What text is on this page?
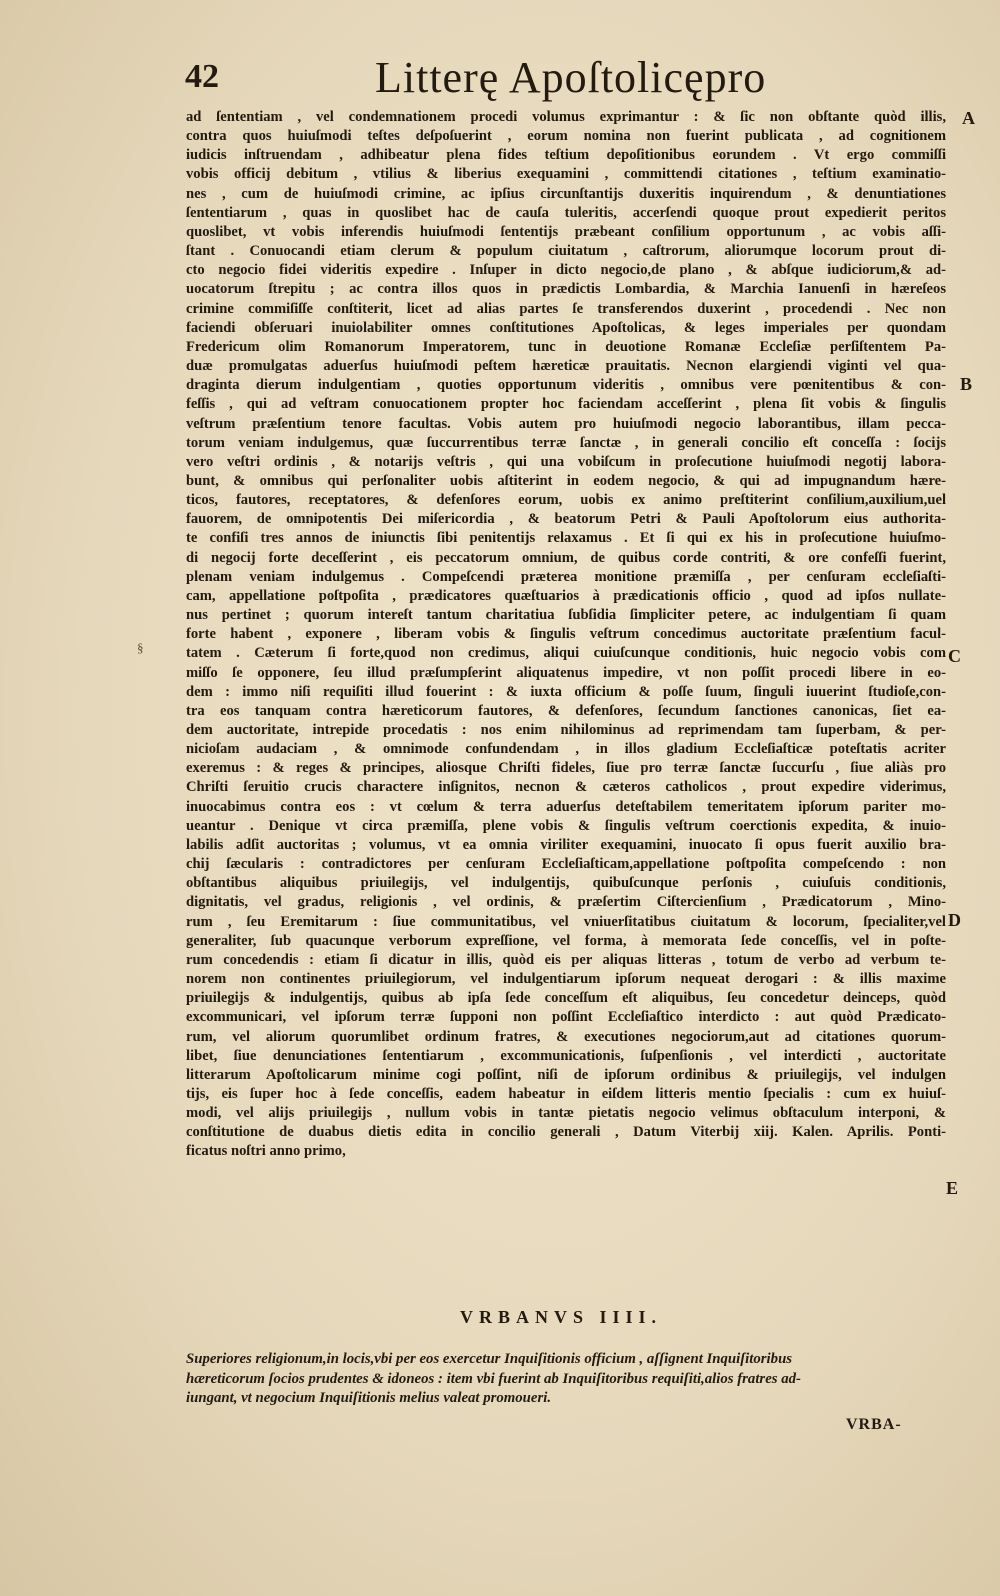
42	Litterę Apoſtolicępro
ad ſententiam , vel condemnationem procedi volumus exprimantur : & ſic non obſtante quòd illis,
contra quos huiuſmodi teſtes deſpoſuerint , eorum nomina non fuerint publicata , ad cognitionem
iudicis inſtruendam , adhibeatur plena fides teſtium depoſitionibus eorundem . Vt ergo commiſſi
vobis officij debitum , vtilius & liberius exequamini , committendi citationes , teſtium examinatio-
nes , cum de huiuſmodi crimine, ac ipſius circunſtantijs duxeritis inquirendum , & denuntiationes
ſententiarum , quas in quoslibet hac de cauſa tuleritis, accerſendi quoque prout expedierit peritos
quoslibet, vt vobis inferendis huiuſmodi ſententijs præbeant conſilium opportunum , ac vobis aſſi-
ſtant . Conuocandi etiam clerum & populum ciuitatum , caſtrorum, aliorumque locorum prout di-
cto negocio fidei videritis expedire . Inſuper in dicto negocio,de plano , & abſque iudiciorum,& ad-
uocatorum ſtrepitu ; ac contra illos quos in prædictis Lombardia, & Marchia Ianuenſi in hæreſeos
crimine commiſiſſe conſtiterit, licet ad alias partes ſe transferendos duxerint , procedendi . Nec non
faciendi obſeruari inuiolabiliter omnes conſtitutiones Apoſtolicas, & leges imperiales per quondam
Fredericum olim Romanorum Imperatorem, tunc in deuotione Romanæ Eccleſiæ perſiſtentem Pa-
duæ promulgatas aduerſus huiuſmodi peſtem hæreticæ prauitatis. Necnon elargiendi viginti vel qua-
draginta dierum indulgentiam , quoties opportunum videritis , omnibus vere pœnitentibus & con-
feſſis , qui ad veſtram conuocationem propter hoc faciendam acceſſerint , plena ſit vobis & ſingulis
veſtrum præſentium tenore facultas. Vobis autem pro huiuſmodi negocio laborantibus, illam pecca-
torum veniam indulgemus, quæ ſuccurrentibus terræ ſanctæ , in generali concilio eſt conceſſa : ſocijs
vero veſtri ordinis , & notarijs veſtris , qui una vobiſcum in proſecutione huiuſmodi negotij labora-
bunt, & omnibus qui perſonaliter uobis aſtiterint in eodem negocio, & qui ad impugnandum hære-
ticos, fautores, receptatores, & defenſores eorum, uobis ex animo preſtiterint conſilium,auxilium,uel
fauorem, de omnipotentis Dei miſericordia , & beatorum Petri & Pauli Apoſtolorum eius authorita-
te confiſi tres annos de iniunctis ſibi penitentijs relaxamus . Et ſi qui ex his in proſecutione huiuſmo-
di negocij forte deceſſerint , eis peccatorum omnium, de quibus corde contriti, & ore confeſſi fuerint,
plenam veniam indulgemus . Compeſcendi præterea monitione præmiſſa , per cenſuram eccleſiaſti-
cam, appellatione poſtpoſita , prædicatores quæſtuarios à prædicationis officio , quod ad ipſos nullate-
nus pertinet ; quorum intereſt tantum charitatiua ſubſidia ſimpliciter petere, ac indulgentiam ſi quam
forte habent , exponere , liberam vobis & ſingulis veſtrum concedimus auctoritate præſentium facul-
tatem . Cæterum ſi forte,quod non credimus, aliqui cuiuſcunque conditionis, huic negocio vobis com
miſſo ſe opponere, ſeu illud præſumpſerint aliquatenus impedire, vt non poſſit procedi libere in eo-
dem : immo niſi requiſiti illud fouerint : & iuxta officium & poſſe ſuum, ſinguli iuuerint ſtudioſe,con-
tra eos tanquam contra hæreticorum fautores, & defenſores, ſecundum ſanctiones canonicas, ſiet ea-
dem auctoritate, intrepide procedatis : nos enim nihilominus ad reprimendam tam ſuperbam, & per-
nicioſam audaciam , & omnimode confundendam , in illos gladium Eccleſiaſticæ poteſtatis acriter
exeremus : & reges & principes, aliosque Chriſti fideles, ſiue pro terræ ſanctæ ſuccurſu , ſiue aliàs pro
Chriſti ſeruitio crucis charactere inſignitos, necnon & cæteros catholicos , prout expedire viderimus,
inuocabimus contra eos : vt cœlum & terra aduerſus deteſtabilem temeritatem ipſorum pariter mo-
ueantur . Denique vt circa præmiſſa, plene vobis & ſingulis veſtrum coerctionis expedita, & inuio-
labilis adſit auctoritas ; volumus, vt ea omnia viriliter exequamini, inuocato ſi opus fuerit auxilio bra-
chij ſæcularis : contradictores per cenſuram Eccleſiaſticam,appellatione poſtpoſita compeſcendo : non
obſtantibus aliquibus priuilegijs, vel indulgentijs, quibuſcunque perſonis , cuiuſuis conditionis,
dignitatis, vel gradus, religionis , vel ordinis, & præſertim Ciſtercienſium , Prædicatorum , Mino-
rum , ſeu Eremitarum : ſiue communitatibus, vel vniuerſitatibus ciuitatum & locorum, ſpecialiter,vel
generaliter, ſub quacunque verborum expreſſione, vel forma, à memorata ſede conceſſis, vel in poſte-
rum concedendis : etiam ſi dicatur in illis, quòd eis per aliquas litteras , totum de verbo ad verbum te-
norem non continentes priuilegiorum, vel indulgentiarum ipſorum nequeat derogari : & illis maxime
priuilegijs & indulgentijs, quibus ab ipſa ſede conceſſum eſt aliquibus, ſeu concedetur deinceps, quòd
excommunicari, vel ipſorum terræ ſupponi non poſſint Eccleſiaſtico interdicto : aut quòd Prædicato-
rum, vel aliorum quorumlibet ordinum fratres, & executiones negociorum,aut ad citationes quorum-
libet, ſiue denunciationes ſententiarum , excommunicationis, ſuſpenſionis , vel interdicti , auctoritate
litterarum Apoſtolicarum minime cogi poſſint, niſi de ipſorum ordinibus & priuilegijs, vel indulgen
tijs, eis ſuper hoc à ſede conceſſis, eadem habeatur in eiſdem litteris mentio ſpecialis : cum ex huiuſ-
modi, vel alijs priuilegijs , nullum vobis in tantæ pietatis negocio velimus obſtaculum interponi, &
conſtitutione de duabus dietis edita in concilio generali , Datum Viterbij xiij. Kalen. Aprilis. Ponti-
ficatus noſtri anno primo,
A
B
C
D
E
§
VRBANVS IIII.
Superiores religionum,in locis,vbi per eos exercetur Inquiſitionis officium , aſſignent Inquiſitoribus
hæreticorum ſocios prudentes & idoneos : item vbi fuerint ab Inquiſitoribus requiſiti,alios fratres ad-
iungant, vt negocium Inquiſitionis melius valeat promoueri.
VRBA-
